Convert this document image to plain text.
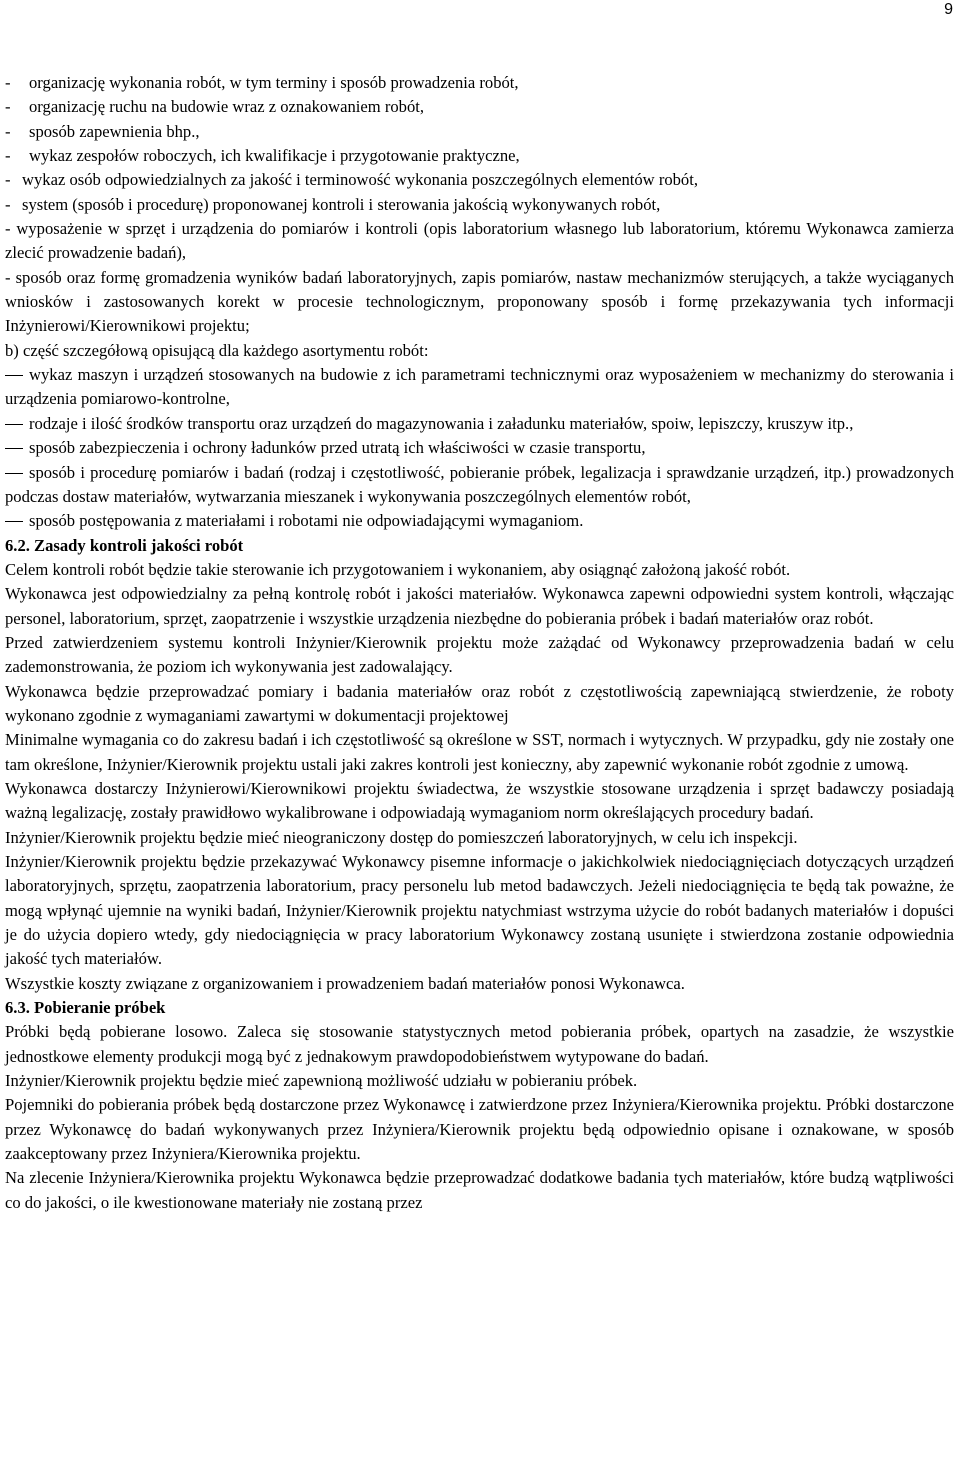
9
-	organizację wykonania robót, w tym terminy i sposób prowadzenia robót,
-	organizację ruchu na budowie wraz z oznakowaniem robót,
-	sposób zapewnienia bhp.,
-	wykaz zespołów roboczych, ich kwalifikacje i przygotowanie praktyczne,
- wykaz osób odpowiedzialnych za jakość i terminowość wykonania poszczególnych elementów robót,
- system (sposób i procedurę) proponowanej kontroli i sterowania jakością wykonywanych robót,

- wyposażenie w sprzęt i urządzenia do pomiarów i kontroli (opis laboratorium własnego lub laboratorium, któremu Wykonawca zamierza zlecić prowadzenie badań),

- sposób oraz formę gromadzenia wyników badań laboratoryjnych, zapis pomiarów, nastaw mechanizmów sterujących, a także wyciąganych wniosków i zastosowanych korekt w procesie technologicznym, proponowany sposób i formę przekazywania tych informacji Inżynierowi/Kierownikowi projektu;

b) część szczegółową opisującą dla każdego asortymentu robót:

wykaz maszyn i urządzeń stosowanych na budowie z ich parametrami technicznymi oraz wyposażeniem w mechanizmy do sterowania i urządzenia pomiarowo-kontrolne,
rodzaje i ilość środków transportu oraz urządzeń do magazynowania i załadunku materiałów, spoiw, lepiszczy, kruszyw itp.,
sposób zabezpieczenia i ochrony ładunków przed utratą ich właściwości w czasie transportu,
sposób i procedurę pomiarów i badań (rodzaj i częstotliwość, pobieranie próbek, legalizacja i sprawdzanie urządzeń, itp.) prowadzonych podczas dostaw materiałów, wytwarzania mieszanek i wykonywania poszczególnych elementów robót,
sposób postępowania z materiałami i robotami nie odpowiadającymi wymaganiom.

6.2. Zasady kontroli jakości robót

Celem kontroli robót będzie takie sterowanie ich przygotowaniem i wykonaniem, aby osiągnąć założoną jakość robót.

Wykonawca jest odpowiedzialny za pełną kontrolę robót i jakości materiałów. Wykonawca zapewni odpowiedni system kontroli, włączając personel, laboratorium, sprzęt, zaopatrzenie i wszystkie urządzenia niezbędne do pobierania próbek i badań materiałów oraz robót.

Przed zatwierdzeniem systemu kontroli Inżynier/Kierownik projektu może zażądać od Wykonawcy przeprowadzenia badań w celu zademonstrowania, że poziom ich wykonywania jest zadowalający.

Wykonawca będzie przeprowadzać pomiary i badania materiałów oraz robót z częstotliwością zapewniającą stwierdzenie, że roboty wykonano zgodnie z wymaganiami zawartymi w dokumentacji projektowej

Minimalne wymagania co do zakresu badań i ich częstotliwość są określone w SST, normach i wytycznych. W przypadku, gdy nie zostały one tam określone, Inżynier/Kierownik projektu ustali jaki zakres kontroli jest konieczny, aby zapewnić wykonanie robót zgodnie z umową.

Wykonawca dostarczy Inżynierowi/Kierownikowi projektu świadectwa, że wszystkie stosowane urządzenia i sprzęt badawczy posiadają ważną legalizację, zostały prawidłowo wykalibrowane i odpowiadają wymaganiom norm określających procedury badań.

Inżynier/Kierownik projektu będzie mieć nieograniczony dostęp do pomieszczeń laboratoryjnych, w celu ich inspekcji.

Inżynier/Kierownik projektu będzie przekazywać Wykonawcy pisemne informacje o jakichkolwiek niedociągnięciach dotyczących urządzeń laboratoryjnych, sprzętu, zaopatrzenia laboratorium, pracy personelu lub metod badawczych. Jeżeli niedociągnięcia te będą tak poważne, że mogą wpłynąć ujemnie na wyniki badań, Inżynier/Kierownik projektu natychmiast wstrzyma użycie do robót badanych materiałów i dopuści je do użycia dopiero wtedy, gdy niedociągnięcia w pracy laboratorium Wykonawcy zostaną usunięte i stwierdzona zostanie odpowiednia jakość tych materiałów.

Wszystkie koszty związane z organizowaniem i prowadzeniem badań materiałów ponosi Wykonawca.

6.3. Pobieranie próbek

Próbki będą pobierane losowo. Zaleca się stosowanie statystycznych metod pobierania próbek, opartych na zasadzie, że wszystkie jednostkowe elementy produkcji mogą być z jednakowym prawdopodobieństwem wytypowane do badań.

Inżynier/Kierownik projektu będzie mieć zapewnioną możliwość udziału w pobieraniu próbek.

Pojemniki do pobierania próbek będą dostarczone przez Wykonawcę i zatwierdzone przez Inżyniera/Kierownika projektu. Próbki dostarczone przez Wykonawcę do badań wykonywanych przez Inżyniera/Kierownik projektu będą odpowiednio opisane i oznakowane, w sposób zaakceptowany przez Inżyniera/Kierownika projektu.

Na zlecenie Inżyniera/Kierownika projektu Wykonawca będzie przeprowadzać dodatkowe badania tych materiałów, które budzą wątpliwości co do jakości, o ile kwestionowane materiały nie zostaną przez
